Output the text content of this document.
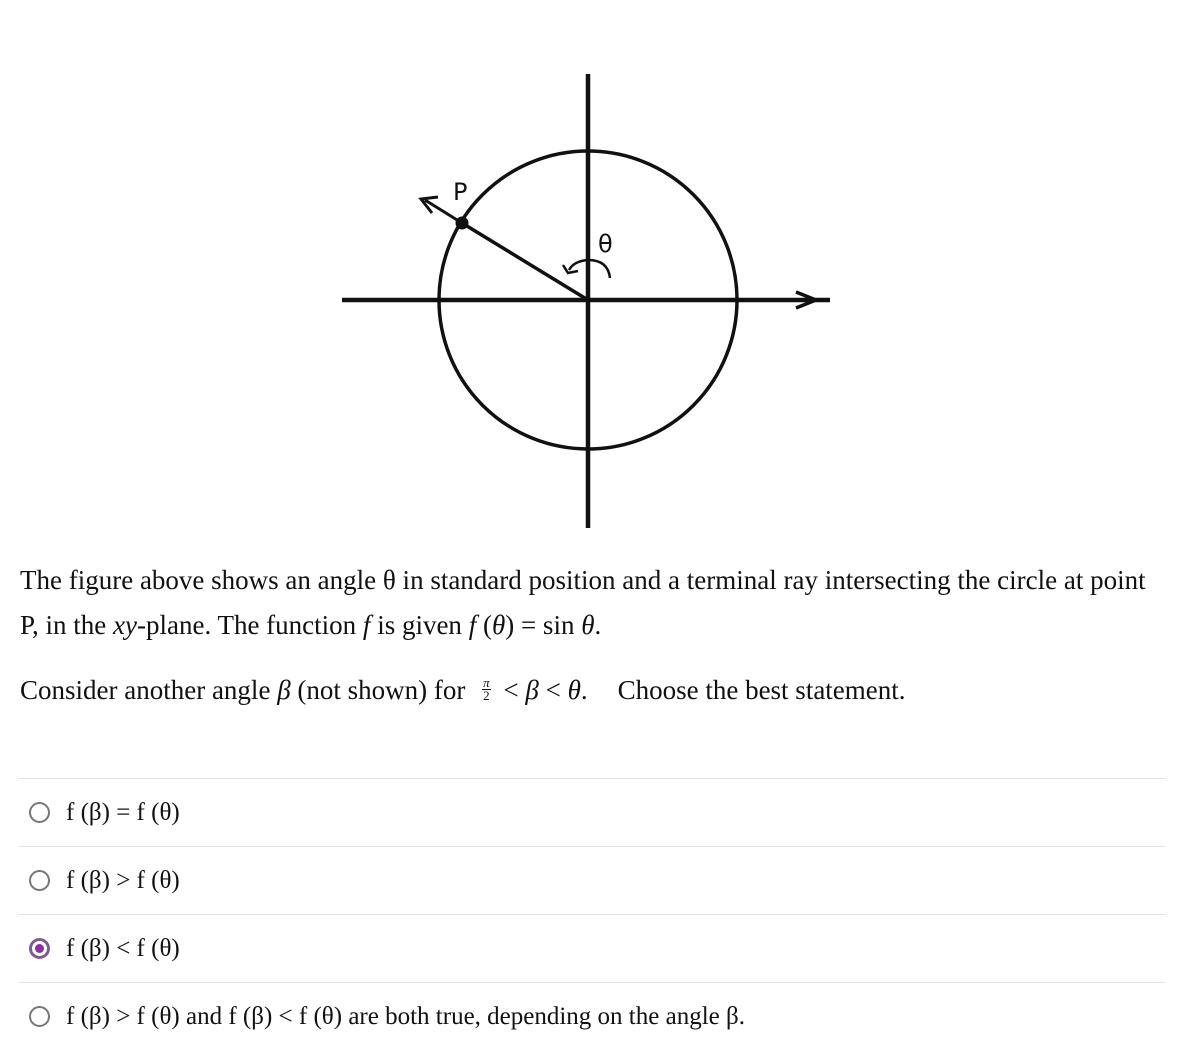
P
θ

The figure above shows an angle θ in standard position and a terminal ray intersecting the circle at point P, in the xy-plane. The function f is given f (θ) = sin θ.

Consider another angle β (not shown) for $\frac{\pi}{2} < \beta < \theta$. Choose the best statement.

f (β) = f (θ)
f (β) > f (θ)
f (β) < f (θ)
f (β) > f (θ) and f (β) < f (θ) are both true, depending on the angle β.
